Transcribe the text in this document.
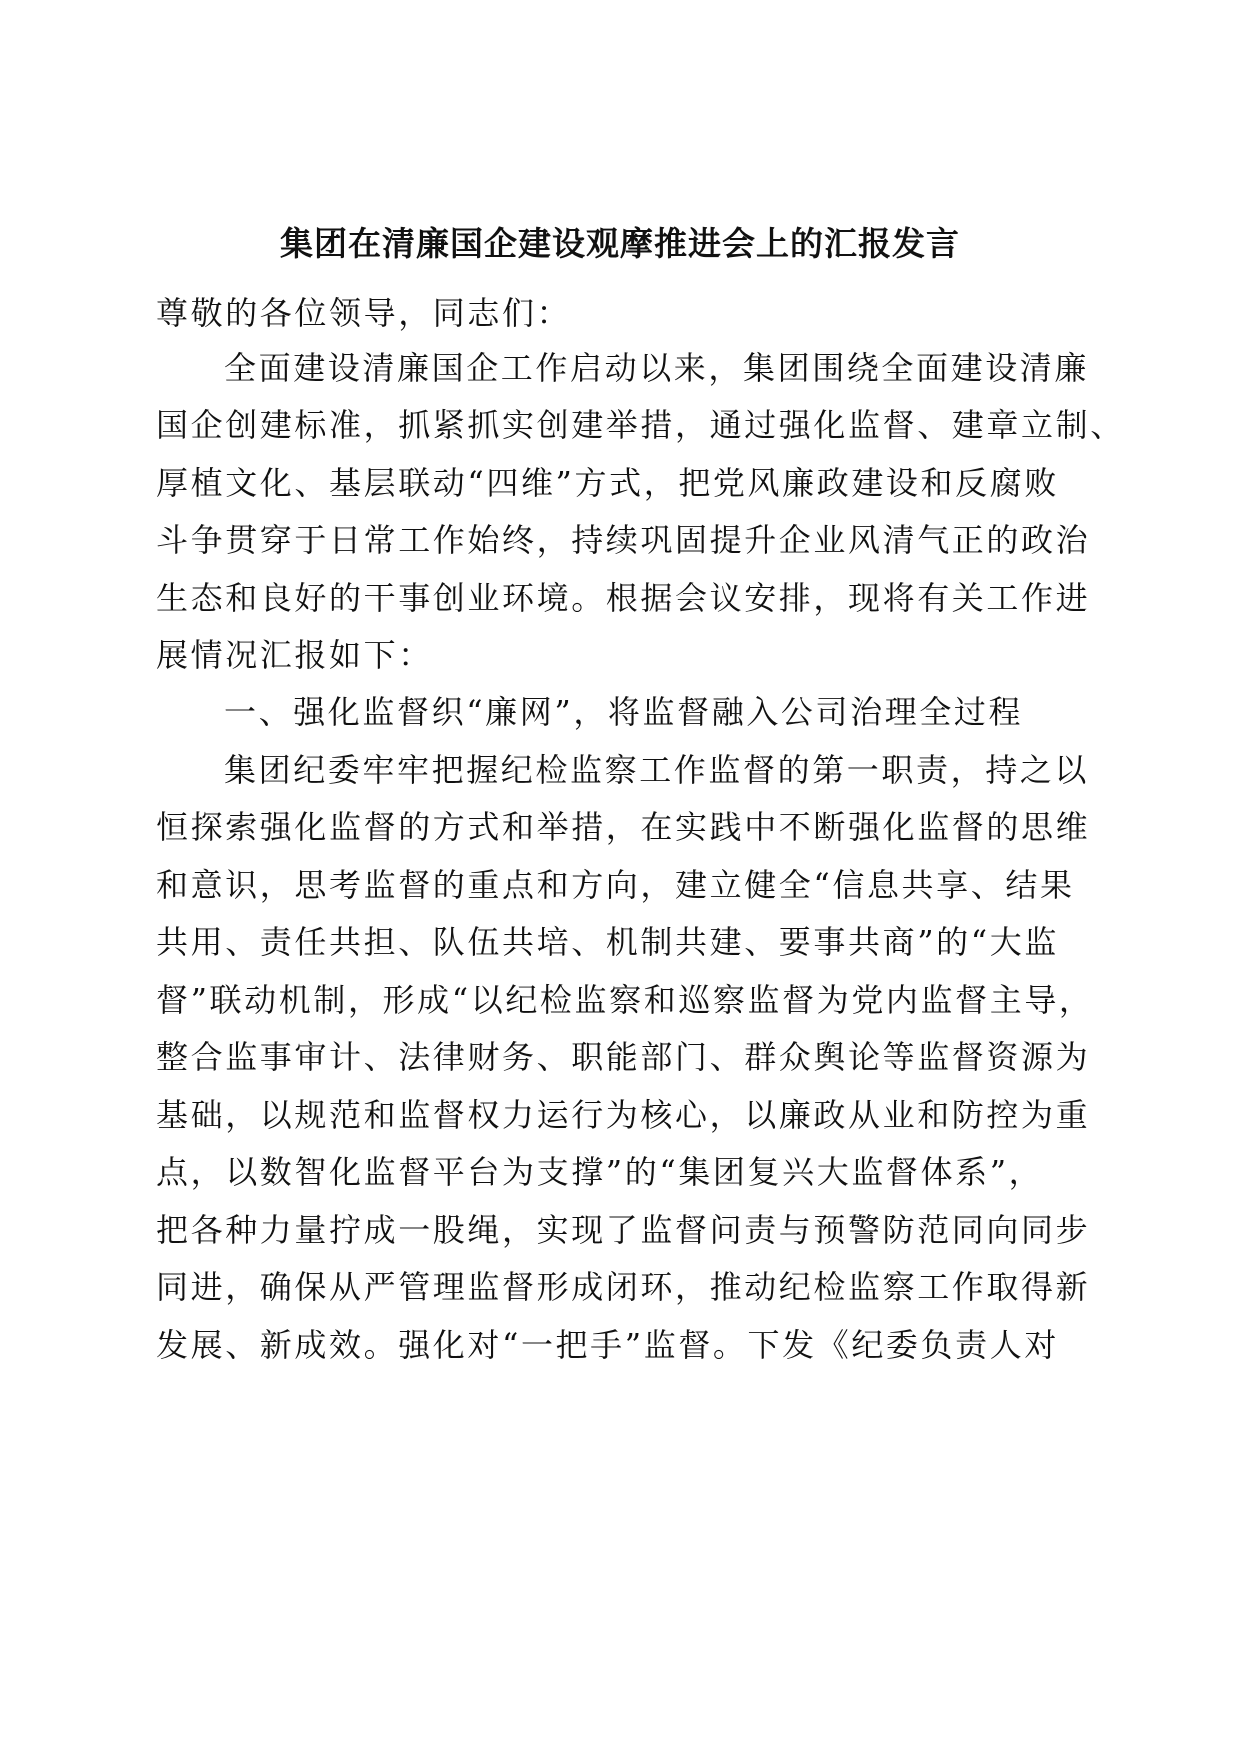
集团在清廉国企建设观摩推进会上的汇报发言
尊敬的各位领导，同志们：
全面建设清廉国企工作启动以来，集团围绕全面建设清廉
国企创建标准，抓紧抓实创建举措，通过强化监督、建章立制、
厚植文化、基层联动“四维”方式，把党风廉政建设和反腐败
斗争贯穿于日常工作始终，持续巩固提升企业风清气正的政治
生态和良好的干事创业环境。根据会议安排，现将有关工作进
展情况汇报如下：
一、强化监督织“廉网”，将监督融入公司治理全过程
集团纪委牢牢把握纪检监察工作监督的第一职责，持之以
恒探索强化监督的方式和举措，在实践中不断强化监督的思维
和意识，思考监督的重点和方向，建立健全“信息共享、结果
共用、责任共担、队伍共培、机制共建、要事共商”的“大监
督”联动机制，形成“以纪检监察和巡察监督为党内监督主导，
整合监事审计、法律财务、职能部门、群众舆论等监督资源为
基础，以规范和监督权力运行为核心，以廉政从业和防控为重
点，以数智化监督平台为支撑”的“集团复兴大监督体系”，
把各种力量拧成一股绳，实现了监督问责与预警防范同向同步
同进，确保从严管理监督形成闭环，推动纪检监察工作取得新
发展、新成效。强化对“一把手”监督。下发《纪委负责人对
